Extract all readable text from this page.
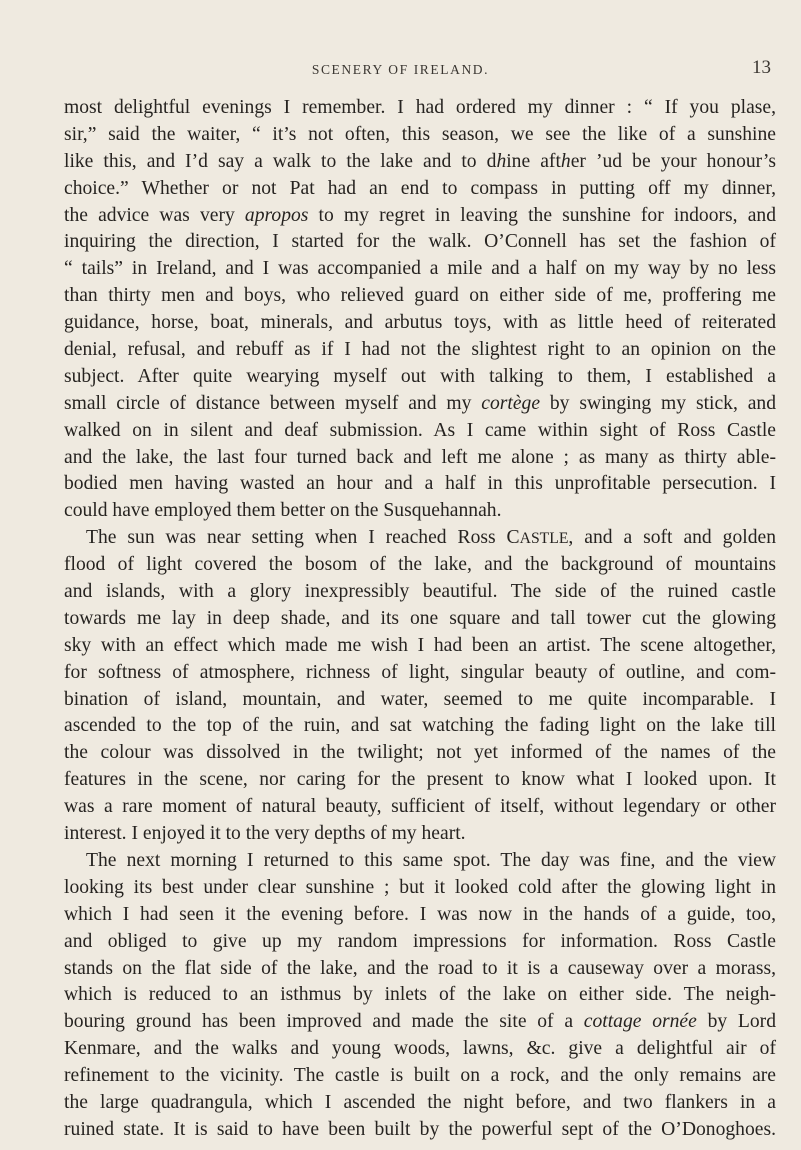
SCENERY OF IRELAND.	13
most delightful evenings I remember. I had ordered my dinner : “ If you plase,
sir,” said the waiter, “ it’s not often, this season, we see the like of a sunshine
like this, and I’d say a walk to the lake and to dhine afther ’ud be your honour’s
choice.” Whether or not Pat had an end to compass in putting off my dinner,
the advice was very apropos to my regret in leaving the sunshine for indoors, and
inquiring the direction, I started for the walk. O’Connell has set the fashion of
“ tails” in Ireland, and I was accompanied a mile and a half on my way by no less
than thirty men and boys, who relieved guard on either side of me, proffering me
guidance, horse, boat, minerals, and arbutus toys, with as little heed of reiterated
denial, refusal, and rebuff as if I had not the slightest right to an opinion on the
subject. After quite wearying myself out with talking to them, I established a
small circle of distance between myself and my cortège by swinging my stick, and
walked on in silent and deaf submission. As I came within sight of Ross Castle
and the lake, the last four turned back and left me alone ; as many as thirty able-
bodied men having wasted an hour and a half in this unprofitable persecution. I
could have employed them better on the Susquehannah.
The sun was near setting when I reached Ross CASTLE, and a soft and golden
flood of light covered the bosom of the lake, and the background of mountains
and islands, with a glory inexpressibly beautiful. The side of the ruined castle
towards me lay in deep shade, and its one square and tall tower cut the glowing
sky with an effect which made me wish I had been an artist. The scene altogether,
for softness of atmosphere, richness of light, singular beauty of outline, and com-
bination of island, mountain, and water, seemed to me quite incomparable. I
ascended to the top of the ruin, and sat watching the fading light on the lake till
the colour was dissolved in the twilight; not yet informed of the names of the
features in the scene, nor caring for the present to know what I looked upon. It
was a rare moment of natural beauty, sufficient of itself, without legendary or other
interest. I enjoyed it to the very depths of my heart.
The next morning I returned to this same spot. The day was fine, and the view
looking its best under clear sunshine ; but it looked cold after the glowing light in
which I had seen it the evening before. I was now in the hands of a guide, too,
and obliged to give up my random impressions for information. Ross Castle
stands on the flat side of the lake, and the road to it is a causeway over a morass,
which is reduced to an isthmus by inlets of the lake on either side. The neigh-
bouring ground has been improved and made the site of a cottage ornée by Lord
Kenmare, and the walks and young woods, lawns, &c. give a delightful air of
refinement to the vicinity. The castle is built on a rock, and the only remains are
the large quadrangula, which I ascended the night before, and two flankers in a
ruined state. It is said to have been built by the powerful sept of the O’Donoghoes.
